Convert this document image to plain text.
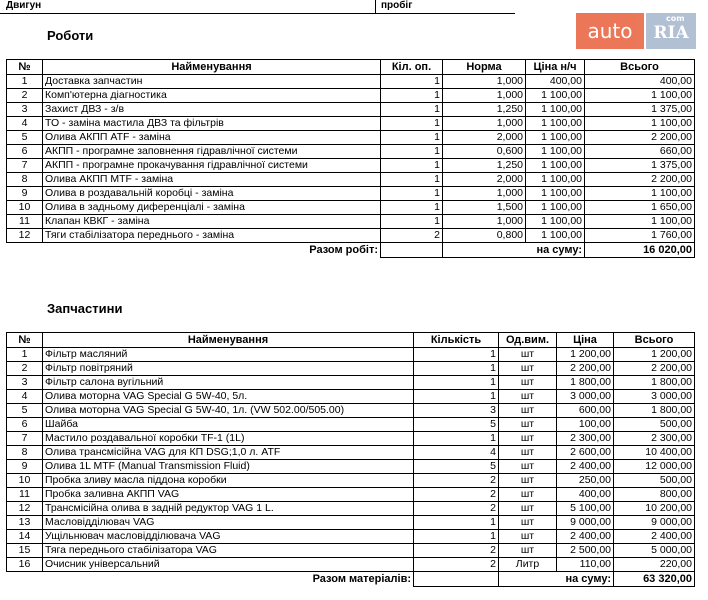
Двигун	пробіг
auto
com
RIA
Роботи
№	Найменування	Кіл. оп.	Норма	Ціна н/ч	Всього
1	Доставка запчастин	1	1,000	400,00	400,00
2	Комп'ютерна діагностика	1	1,000	1 100,00	1 100,00
3	Захист ДВЗ - з/в	1	1,250	1 100,00	1 375,00
4	ТО - заміна мастила ДВЗ та фільтрів	1	1,000	1 100,00	1 100,00
5	Олива АКПП ATF - заміна	1	2,000	1 100,00	2 200,00
6	АКПП - програмне заповнення гідравлічної системи	1	0,600	1 100,00	660,00
7	АКПП - програмне прокачування гідравлічної системи	1	1,250	1 100,00	1 375,00
8	Олива АКПП MTF - заміна	1	2,000	1 100,00	2 200,00
9	Олива в роздавальній коробці - заміна	1	1,000	1 100,00	1 100,00
10	Олива в задньому диференціалі - заміна	1	1,500	1 100,00	1 650,00
11	Клапан КВКГ - заміна	1	1,000	1 100,00	1 100,00
12	Тяги стабілізатора переднього - заміна	2	0,800	1 100,00	1 760,00
	Разом робіт:		на суму:		16 020,00
Запчастини
№	Найменування	Кількість	Од.вим.	Ціна	Всього
1	Фільтр масляний	1	шт	1 200,00	1 200,00
2	Фільтр повітряний	1	шт	2 200,00	2 200,00
3	Фільтр салона вугільний	1	шт	1 800,00	1 800,00
4	Олива моторна VAG Special G 5W-40, 5л.	1	шт	3 000,00	3 000,00
5	Олива моторна VAG Special G 5W-40, 1л. (VW 502.00/505.00)	3	шт	600,00	1 800,00
6	Шайба	5	шт	100,00	500,00
7	Мастило роздавальної коробки TF-1 (1L)	1	шт	2 300,00	2 300,00
8	Олива трансмісійна VAG для КП DSG;1,0 л. ATF	4	шт	2 600,00	10 400,00
9	Олива 1L MTF (Manual Transmission Fluid)	5	шт	2 400,00	12 000,00
10	Пробка зливу масла піддона коробки	2	шт	250,00	500,00
11	Пробка заливна АКПП VAG	2	шт	400,00	800,00
12	Трансмісійна олива в задній редуктор VAG 1 L.	2	шт	5 100,00	10 200,00
13	Масловідділювач VAG	1	шт	9 000,00	9 000,00
14	Ущільнювач масловідділювача VAG	1	шт	2 400,00	2 400,00
15	Тяга переднього стабілізатора VAG	2	шт	2 500,00	5 000,00
16	Очисник універсальний	2	Литр	110,00	220,00
	Разом матеріалів:		на суму:		63 320,00
